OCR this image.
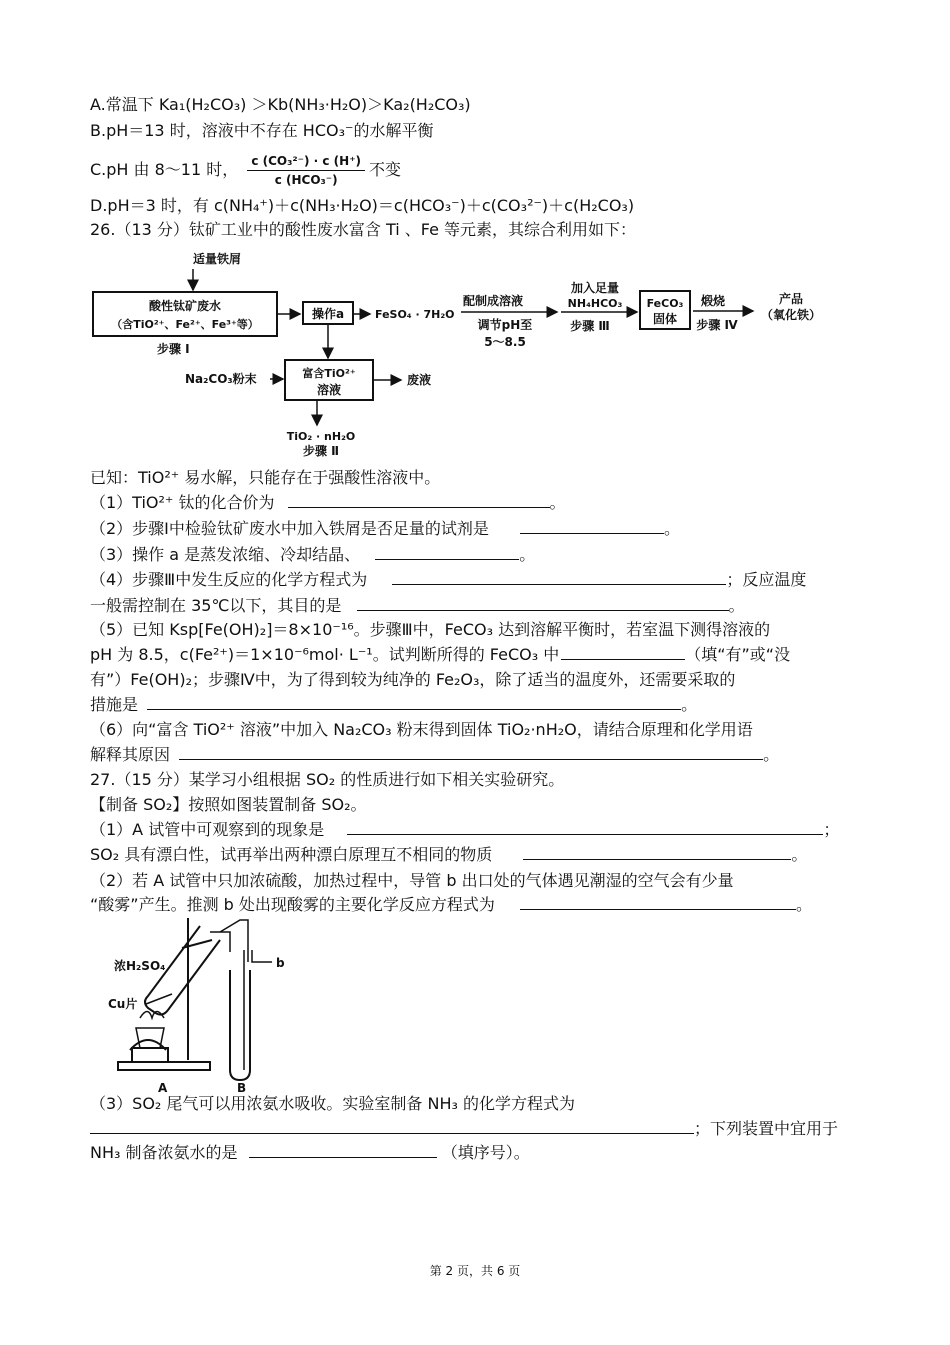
A.常温下 Ka₁(H₂CO₃) ＞Kb(NH₃·H₂O)＞Ka₂(H₂CO₃)
B.pH＝13 时，溶液中不存在 HCO₃⁻的水解平衡
C.pH 由 8～11 时， $\frac{\text{c (CO₃²⁻) · c (H⁺)}}{\text{c (HCO₃⁻)}}$ 不变
D.pH＝3 时，有 c(NH₄⁺)＋c(NH₃·H₂O)＝c(HCO₃⁻)＋c(CO₃²⁻)＋c(H₂CO₃)
26.（13 分）钛矿工业中的酸性废水富含 Ti 、Fe 等元素，其综合利用如下：
适量铁屑
酸性钛矿废水
（含TiO²⁺、Fe²⁺、Fe³⁺等）
步骤 I
操作a	FeSO₄ · 7H₂O
配制成溶液
调节pH至
5～8.5
加入足量
NH₄HCO₃
步骤 Ⅲ
FeCO₃
固体
煅烧
步骤 Ⅳ
产品
（氧化铁）
Na₂CO₃粉末	富含TiO²⁺
溶液
废液
TiO₂ · nH₂O
步骤 Ⅱ
已知：TiO²⁺ 易水解，只能存在于强酸性溶液中。
（1）TiO²⁺ 钛的化合价为	。
（2）步骤Ⅰ中检验钛矿废水中加入铁屑是否足量的试剂是	。
（3）操作 a 是蒸发浓缩、冷却结晶、	。
（4）步骤Ⅲ中发生反应的化学方程式为	；反应温度
一般需控制在 35℃以下，其目的是	。
（5）已知 Ksp[Fe(OH)₂]＝8×10⁻¹⁶。步骤Ⅲ中，FeCO₃ 达到溶解平衡时，若室温下测得溶液的
pH 为 8.5，c(Fe²⁺)＝1×10⁻⁶mol· L⁻¹。试判断所得的 FeCO₃ 中	（填“有”或“没
有”）Fe(OH)₂；步骤Ⅳ中，为了得到较为纯净的 Fe₂O₃，除了适当的温度外，还需要采取的
措施是	。
（6）向“富含 TiO²⁺ 溶液”中加入 Na₂CO₃ 粉末得到固体 TiO₂·nH₂O，请结合原理和化学用语
解释其原因	。
27.（15 分）某学习小组根据 SO₂ 的性质进行如下相关实验研究。
【制备 SO₂】按照如图装置制备 SO₂。
（1）A 试管中可观察到的现象是	；
SO₂ 具有漂白性，试再举出两种漂白原理互不相同的物质	。
（2）若 A 试管中只加浓硫酸，加热过程中，导管 b 出口处的气体遇见潮湿的空气会有少量
“酸雾”产生。推测 b 处出现酸雾的主要化学反应方程式为	。
浓H₂SO₄
Cu片
b
A	B
（3）SO₂ 尾气可以用浓氨水吸收。实验室制备 NH₃ 的化学方程式为
；下列装置中宜用于
NH₃ 制备浓氨水的是	（填序号）。
第 2 页，共 6 页
